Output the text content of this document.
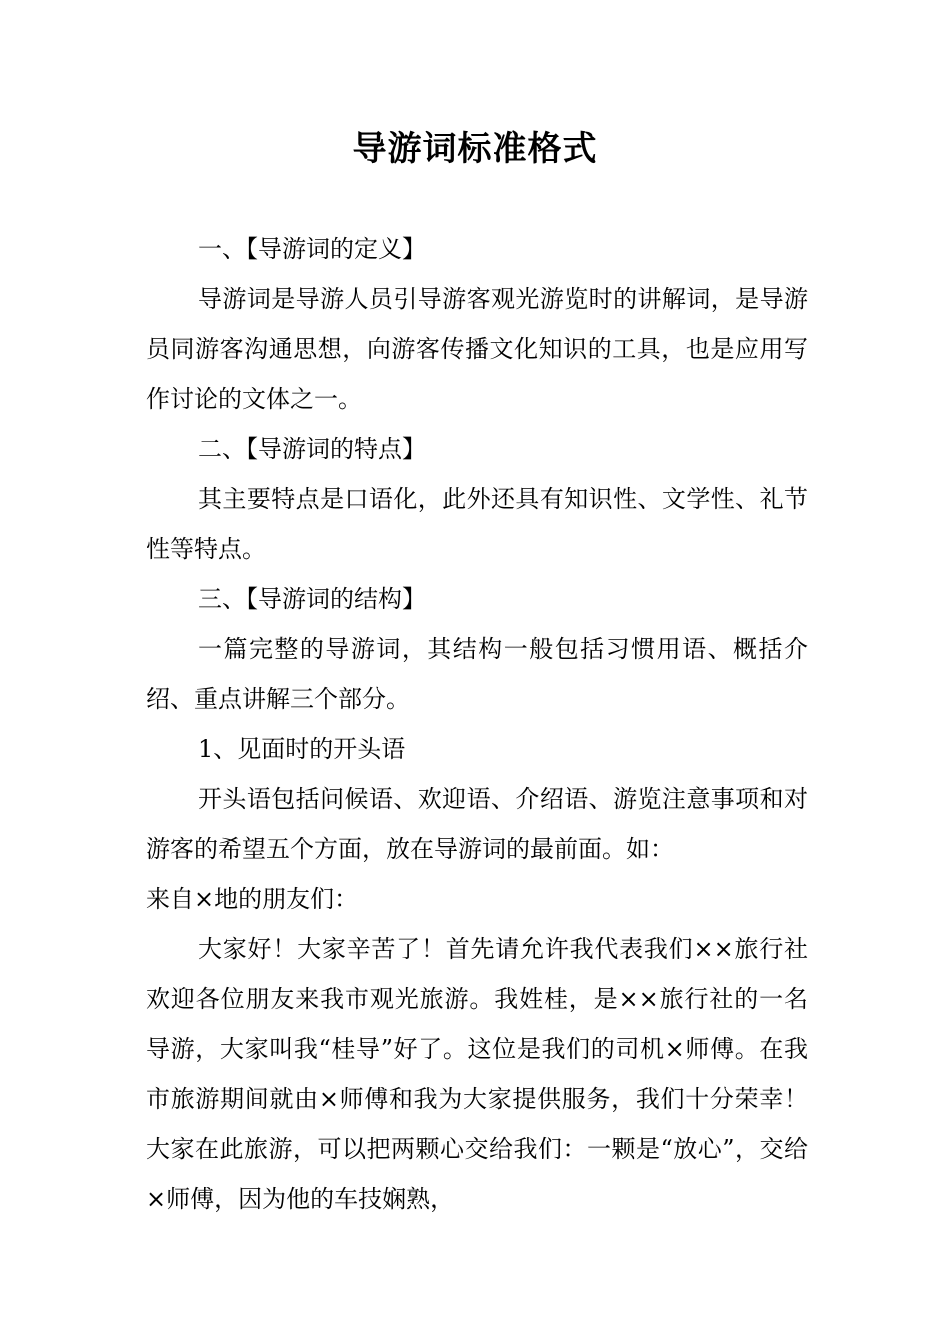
导游词标准格式

一、【导游词的定义】

导游词是导游人员引导游客观光游览时的讲解词，是导游员同游客沟通思想，向游客传播文化知识的工具，也是应用写作讨论的文体之一。

二、【导游词的特点】

其主要特点是口语化，此外还具有知识性、文学性、礼节性等特点。

三、【导游词的结构】

一篇完整的导游词，其结构一般包括习惯用语、概括介绍、重点讲解三个部分。

1、见面时的开头语

开头语包括问候语、欢迎语、介绍语、游览注意事项和对游客的希望五个方面，放在导游词的最前面。如：

来自×地的朋友们：

大家好！大家辛苦了！首先请允许我代表我们××旅行社欢迎各位朋友来我市观光旅游。我姓桂，是××旅行社的一名导游，大家叫我“桂导”好了。这位是我们的司机×师傅。在我市旅游期间就由×师傅和我为大家提供服务，我们十分荣幸！大家在此旅游，可以把两颗心交给我们：一颗是“放心”，交给×师傅，因为他的车技娴熟，
